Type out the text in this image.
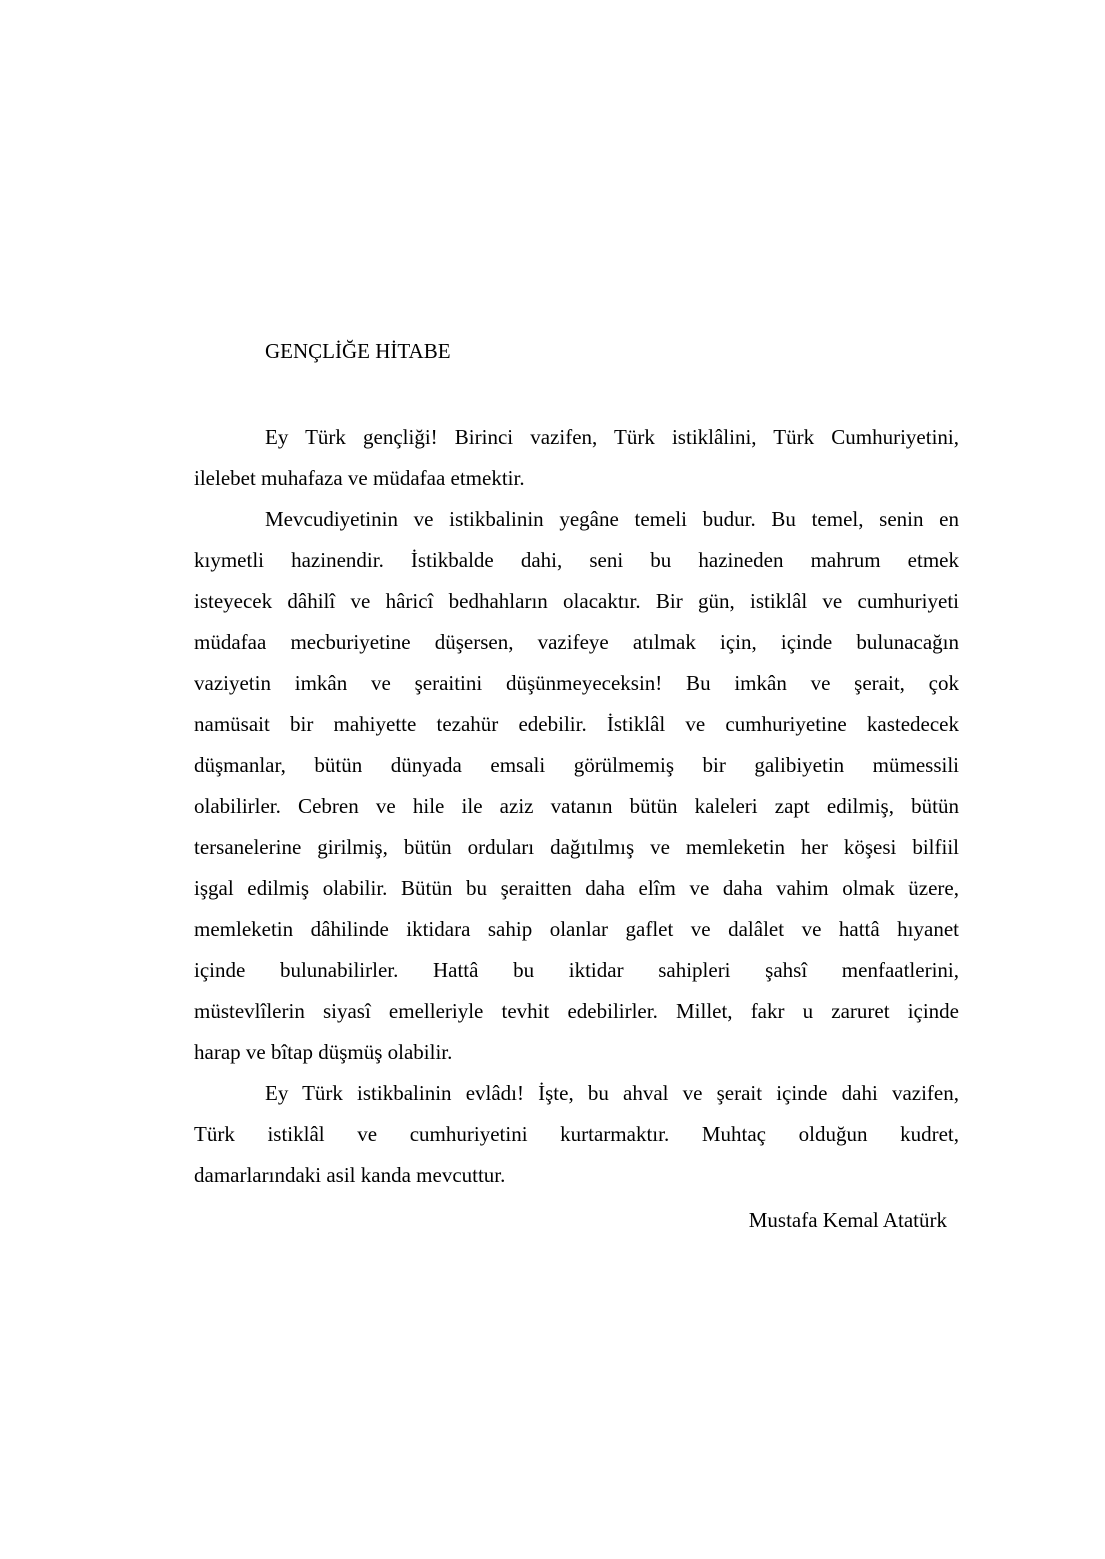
GENÇLİĞE HİTABE
Ey Türk gençliği! Birinci vazifen, Türk istiklâlini, Türk Cumhuriyetini,
ilelebet muhafaza ve müdafaa etmektir.
Mevcudiyetinin ve istikbalinin yegâne temeli budur. Bu temel, senin en
kıymetli hazinendir. İstikbalde dahi, seni bu hazineden mahrum etmek
isteyecek dâhilî ve hâricî bedhahların olacaktır. Bir gün, istiklâl ve cumhuriyeti
müdafaa mecburiyetine düşersen, vazifeye atılmak için, içinde bulunacağın
vaziyetin imkân ve şeraitini düşünmeyeceksin! Bu imkân ve şerait, çok
namüsait bir mahiyette tezahür edebilir. İstiklâl ve cumhuriyetine kastedecek
düşmanlar, bütün dünyada emsali görülmemiş bir galibiyetin mümessili
olabilirler. Cebren ve hile ile aziz vatanın bütün kaleleri zapt edilmiş, bütün
tersanelerine girilmiş, bütün orduları dağıtılmış ve memleketin her köşesi bilfiil
işgal edilmiş olabilir. Bütün bu şeraitten daha elîm ve daha vahim olmak üzere,
memleketin dâhilinde iktidara sahip olanlar gaflet ve dalâlet ve hattâ hıyanet
içinde bulunabilirler. Hattâ bu iktidar sahipleri şahsî menfaatlerini,
müstevlîlerin siyasî emelleriyle tevhit edebilirler. Millet, fakr u zaruret içinde
harap ve bîtap düşmüş olabilir.
Ey Türk istikbalinin evlâdı! İşte, bu ahval ve şerait içinde dahi vazifen,
Türk istiklâl ve cumhuriyetini kurtarmaktır. Muhtaç olduğun kudret,
damarlarındaki asil kanda mevcuttur.
Mustafa Kemal Atatürk
